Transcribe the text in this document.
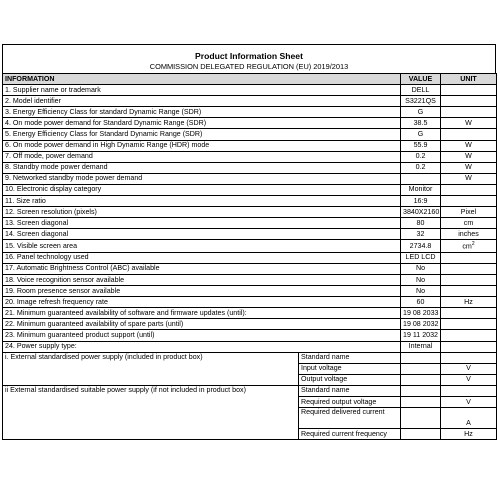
Product Information Sheet
COMMISSION DELEGATED REGULATION (EU) 2019/2013
INFORMATION		VALUE	UNIT
1. Supplier name or trademark		DELL	
2. Model identifier		S3221QS	
3. Energy Efficiency Class for standard Dynamic Range (SDR)		G	
4. On mode power demand for Standard Dynamic Range (SDR)		38.5	W
5. Energy Efficiency Class for Standard Dynamic Range (SDR)		G	
6. On mode power demand in High Dynamic Range (HDR) mode		55.9	W
7. Off mode, power demand		0.2	W
8. Standby mode power demand		0.2	W
9. Networked standby mode power demand			W
10. Electronic display category		Monitor	
11. Size ratio		16:9	
12. Screen resolution (pixels)		3840X2160	Pixel
13. Screen diagonal		80	cm
14. Screen diagonal		32	inches
15. Visible screen area		2734.8	$cm^2$
16. Panel technology used		LED LCD	
17. Automatic Brightness Control (ABC) available		No	
18. Voice recognition sensor available		No	
19. Room presence sensor available		No	
20. Image refresh frequency rate		60	Hz
21. Minimum guaranteed availability of software and firmware updates (until):		19 08 2033	
22. Minimum guaranteed availability of spare parts (until)		19 08 2032	
23. Minimum guaranteed product support (until)		19 11 2032	
24. Power supply type:		Internal	
i. External standardised power supply (included in product box)	Standard name		
	Input voltage		V
	Output voltage		V
ii External standardised suitable power supply (if not included in product box)	Standard name		
	Required output voltage		V
	Required delivered current		A
	Required current frequency		Hz
